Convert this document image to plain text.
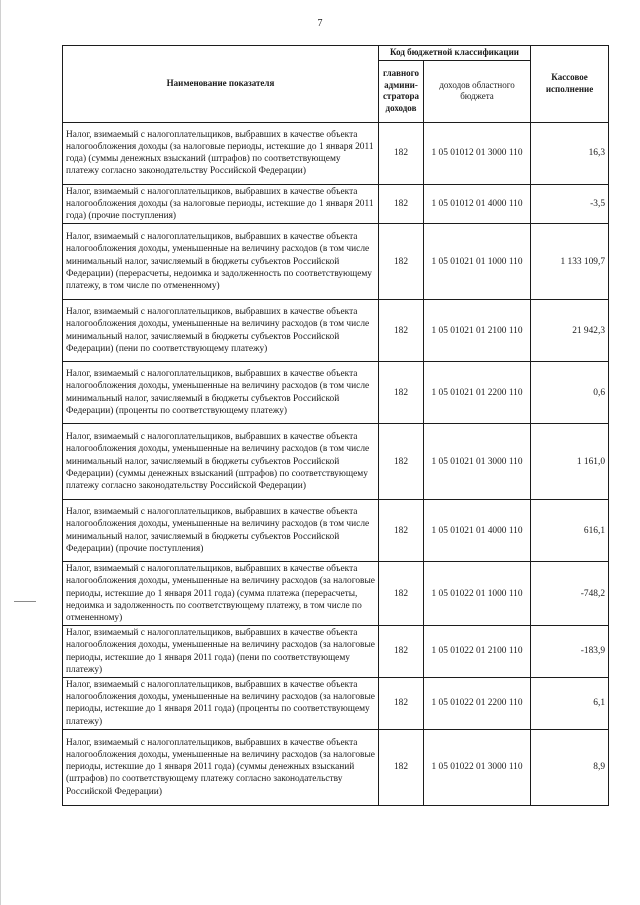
7
Наименование показателя	Код бюджетной классификации		Кассовое исполнение
	главного админи-стратора доходов	доходов областного бюджета	
Налог, взимаемый с налогоплательщиков, выбравших в качестве объекта налогообложения доходы (за налоговые периоды, истекшие до 1 января 2011 года) (суммы денежных взысканий (штрафов) по соответствующему платежу согласно законодательству Российской Федерации)	182	1 05 01012 01 3000 110	16,3
Налог, взимаемый с налогоплательщиков, выбравших в качестве объекта налогообложения доходы (за налоговые периоды, истекшие до 1 января 2011 года) (прочие поступления)	182	1 05 01012 01 4000 110	-3,5
Налог, взимаемый с налогоплательщиков, выбравших в качестве объекта налогообложения доходы, уменьшенные на величину расходов (в том числе минимальный налог, зачисляемый в бюджеты субъектов Российской Федерации) (перерасчеты, недоимка и задолженность по соответствующему платежу, в том числе по отмененному)	182	1 05 01021 01 1000 110	1 133 109,7
Налог, взимаемый с налогоплательщиков, выбравших в качестве объекта налогообложения доходы, уменьшенные на величину расходов (в том числе минимальный налог, зачисляемый в бюджеты субъектов Российской Федерации) (пени по соответствующему платежу)	182	1 05 01021 01 2100 110	21 942,3
Налог, взимаемый с налогоплательщиков, выбравших в качестве объекта налогообложения доходы, уменьшенные на величину расходов (в том числе минимальный налог, зачисляемый в бюджеты субъектов Российской Федерации) (проценты по соответствующему платежу)	182	1 05 01021 01 2200 110	0,6
Налог, взимаемый с налогоплательщиков, выбравших в качестве объекта налогообложения доходы, уменьшенные на величину расходов (в том числе минимальный налог, зачисляемый в бюджеты субъектов Российской Федерации) (суммы денежных взысканий (штрафов) по соответствующему платежу согласно законодательству Российской Федерации)	182	1 05 01021 01 3000 110	1 161,0
Налог, взимаемый с налогоплательщиков, выбравших в качестве объекта налогообложения доходы, уменьшенные на величину расходов (в том числе минимальный налог, зачисляемый в бюджеты субъектов Российской Федерации) (прочие поступления)	182	1 05 01021 01 4000 110	616,1
Налог, взимаемый с налогоплательщиков, выбравших в качестве объекта налогообложения доходы, уменьшенные на величину расходов (за налоговые периоды, истекшие до 1 января 2011 года) (сумма платежа (перерасчеты, недоимка и задолженность по соответствующему платежу, в том числе по отмененному)	182	1 05 01022 01 1000 110	-748,2
Налог, взимаемый с налогоплательщиков, выбравших в качестве объекта налогообложения доходы, уменьшенные на величину расходов (за налоговые периоды, истекшие до 1 января 2011 года) (пени по соответствующему платежу)	182	1 05 01022 01 2100 110	-183,9
Налог, взимаемый с налогоплательщиков, выбравших в качестве объекта налогообложения доходы, уменьшенные на величину расходов (за налоговые периоды, истекшие до 1 января 2011 года) (проценты по соответствующему платежу)	182	1 05 01022 01 2200 110	6,1
Налог, взимаемый с налогоплательщиков, выбравших в качестве объекта налогообложения доходы, уменьшенные на величину расходов (за налоговые периоды, истекшие до 1 января 2011 года) (суммы денежных взысканий (штрафов) по соответствующему платежу согласно законодательству Российской Федерации)	182	1 05 01022 01 3000 110	8,9
